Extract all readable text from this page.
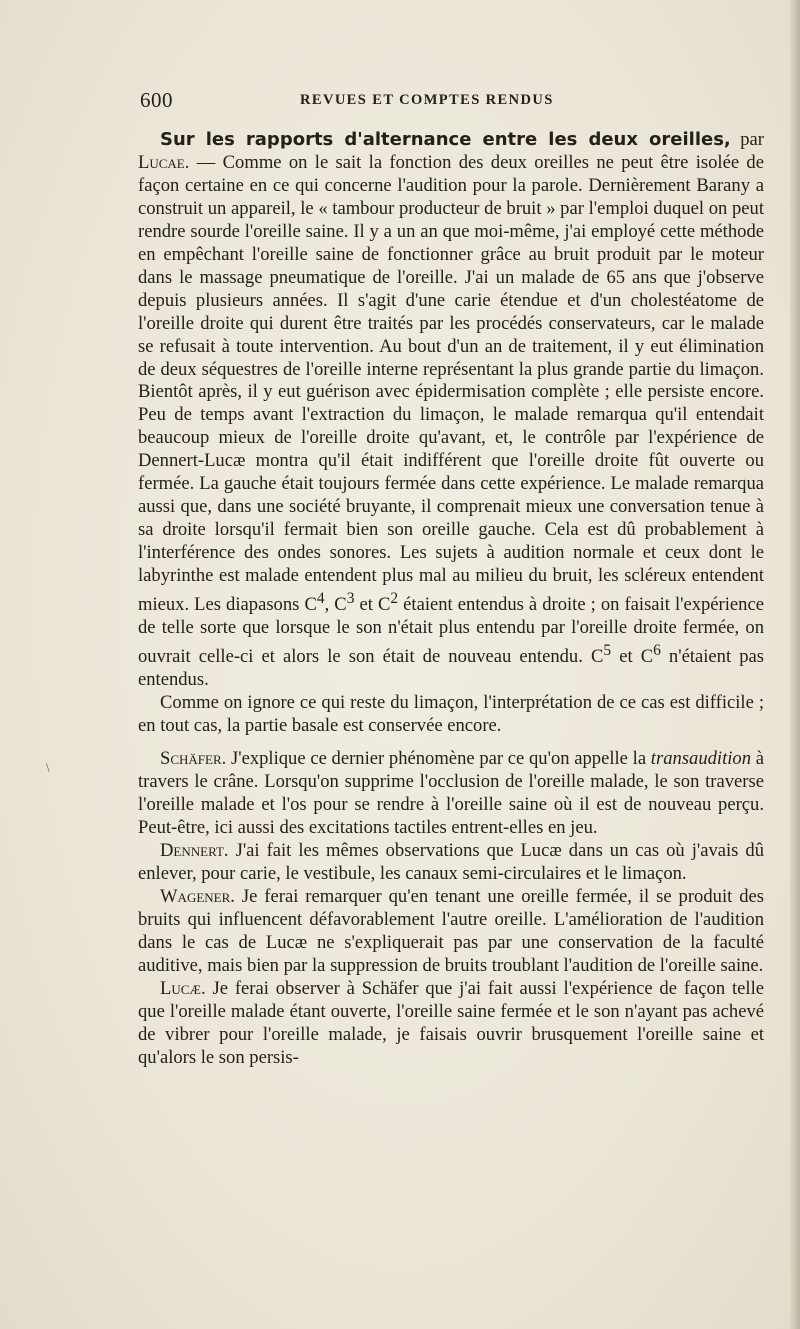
600	REVUES ET COMPTES RENDUS
\

Sur les rapports d'alternance entre les deux oreilles, par Lucae. — Comme on le sait la fonction des deux oreilles ne peut être isolée de façon certaine en ce qui concerne l'audition pour la parole. Dernièrement Barany a construit un appareil, le « tambour producteur de bruit » par l'emploi duquel on peut rendre sourde l'oreille saine. Il y a un an que moi-même, j'ai employé cette méthode en empêchant l'oreille saine de fonctionner grâce au bruit produit par le moteur dans le massage pneumatique de l'oreille. J'ai un malade de 65 ans que j'observe depuis plusieurs années. Il s'agit d'une carie étendue et d'un cholestéatome de l'oreille droite qui durent être traités par les procédés conservateurs, car le malade se refusait à toute intervention. Au bout d'un an de traitement, il y eut élimination de deux séquestres de l'oreille interne représentant la plus grande partie du limaçon. Bientôt après, il y eut guérison avec épidermisation complète ; elle persiste encore. Peu de temps avant l'extraction du limaçon, le malade remarqua qu'il entendait beaucoup mieux de l'oreille droite qu'avant, et, le contrôle par l'expérience de Dennert-Lucæ montra qu'il était indifférent que l'oreille droite fût ouverte ou fermée. La gauche était toujours fermée dans cette expérience. Le malade remarqua aussi que, dans une société bruyante, il comprenait mieux une conversation tenue à sa droite lorsqu'il fermait bien son oreille gauche. Cela est dû probablement à l'interférence des ondes sonores. Les sujets à audition normale et ceux dont le labyrinthe est malade entendent plus mal au milieu du bruit, les scléreux entendent mieux. Les diapasons $C^4$, $C^3$ et $C^2$ étaient entendus à droite ; on faisait l'expérience de telle sorte que lorsque le son n'était plus entendu par l'oreille droite fermée, on ouvrait celle-ci et alors le son était de nouveau entendu. $C^5$ et $C^6$ n'étaient pas entendus.

Comme on ignore ce qui reste du limaçon, l'interprétation de ce cas est difficile ; en tout cas, la partie basale est conservée encore.

Schäfer. J'explique ce dernier phénomène par ce qu'on appelle la transaudition à travers le crâne. Lorsqu'on supprime l'occlusion de l'oreille malade, le son traverse l'oreille malade et l'os pour se rendre à l'oreille saine où il est de nouveau perçu. Peut-être, ici aussi des excitations tactiles entrent-elles en jeu.

Dennert. J'ai fait les mêmes observations que Lucæ dans un cas où j'avais dû enlever, pour carie, le vestibule, les canaux semi-circulaires et le limaçon.

Wagener. Je ferai remarquer qu'en tenant une oreille fermée, il se produit des bruits qui influencent défavorablement l'autre oreille. L'amélioration de l'audition dans le cas de Lucæ ne s'expliquerait pas par une conservation de la faculté auditive, mais bien par la suppression de bruits troublant l'audition de l'oreille saine.

Lucæ. Je ferai observer à Schäfer que j'ai fait aussi l'expérience de façon telle que l'oreille malade étant ouverte, l'oreille saine fermée et le son n'ayant pas achevé de vibrer pour l'oreille malade, je faisais ouvrir brusquement l'oreille saine et qu'alors le son persis-
